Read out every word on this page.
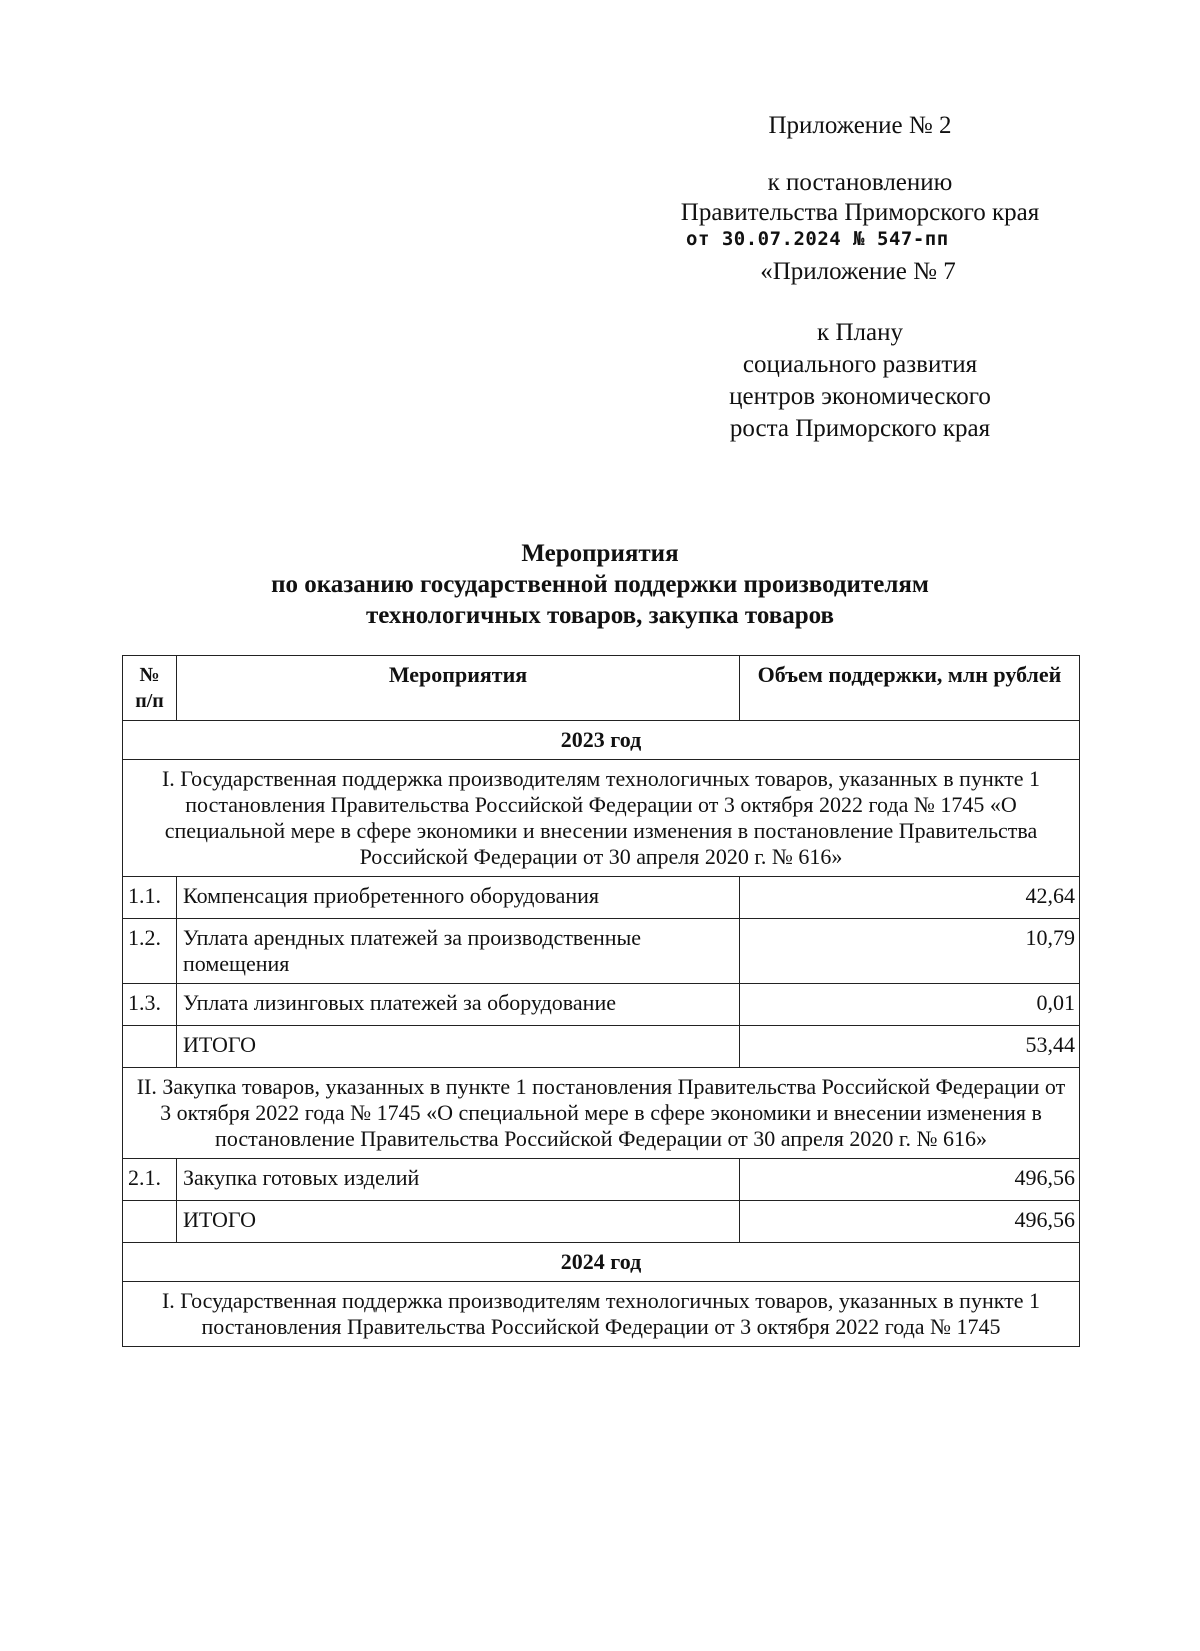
Приложение № 2
к постановлению
Правительства Приморского края
от 30.07.2024 № 547-пп
«Приложение № 7
к Плану
социального развития
центров экономического
роста Приморского края
Мероприятия
по оказанию государственной поддержки производителям
технологичных товаров, закупка товаров
№ п/п	Мероприятия	Объем поддержки, млн рублей
2023 год		
I. Государственная поддержка производителям технологичных товаров, указанных в пункте 1 постановления Правительства Российской Федерации от 3 октября 2022 года № 1745 «О специальной мере в сфере экономики и внесении изменения в постановление Правительства Российской Федерации от 30 апреля 2020 г. № 616»		
1.1.	Компенсация приобретенного оборудования	42,64
1.2.	Уплата арендных платежей за производственные помещения	10,79
1.3.	Уплата лизинговых платежей за оборудование	0,01
	ИТОГО	53,44
II. Закупка товаров, указанных в пункте 1 постановления Правительства Российской Федерации от 3 октября 2022 года № 1745 «О специальной мере в сфере экономики и внесении изменения в постановление Правительства Российской Федерации от 30 апреля 2020 г. № 616»		
2.1.	Закупка готовых изделий	496,56
	ИТОГО	496,56
2024 год		
I. Государственная поддержка производителям технологичных товаров, указанных в пункте 1 постановления Правительства Российской Федерации от 3 октября 2022 года № 1745		
